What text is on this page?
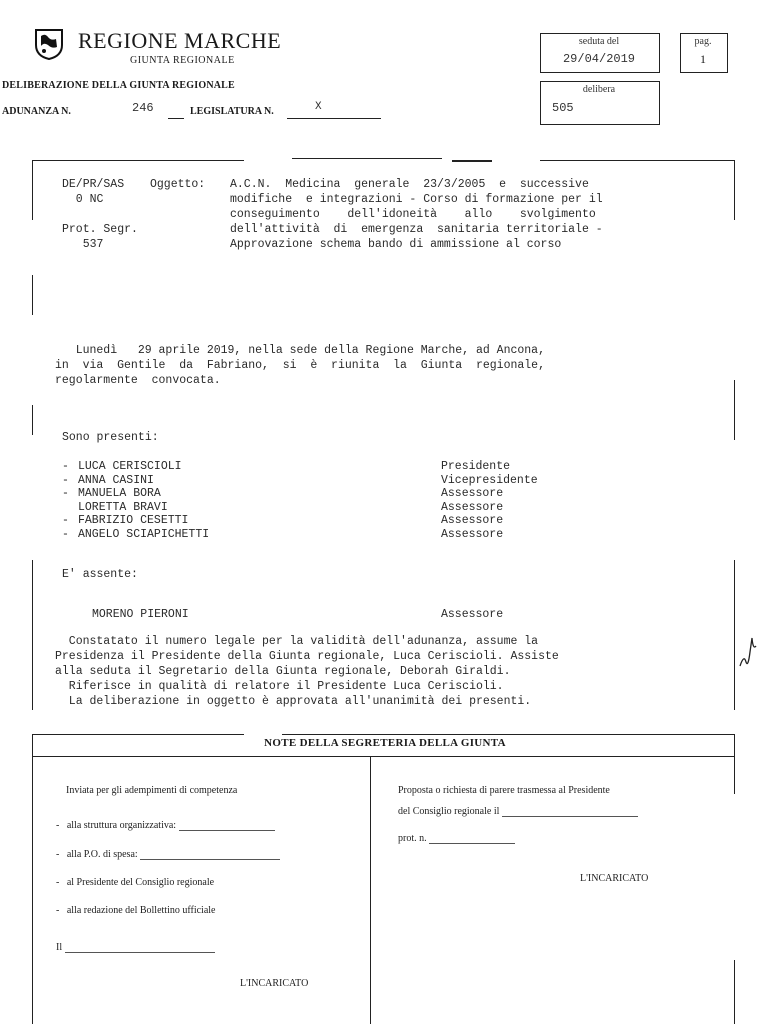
REGIONE MARCHE
GIUNTA REGIONALE
DELIBERAZIONE DELLA GIUNTA REGIONALE
ADUNANZA N.	246	LEGISLATURA N.	X
seduta del
29/04/2019
pag.
1
delibera
505
DE/PR/SAS
0 NC

Prot. Segr.
537
Oggetto: A.C.N.  Medicina  generale  23/3/2005  e  successive
modifiche  e integrazioni - Corso di formazione per il
conseguimento    dell'idoneità    allo    svolgimento
dell'attività  di  emergenza  sanitaria territoriale -
Approvazione schema bando di ammissione al corso
Lunedì   29 aprile 2019, nella sede della Regione Marche, ad Ancona,
in  via  Gentile  da  Fabriano,  si  è  riunita  la  Giunta  regionale,
regolarmente  convocata.
Sono presenti:
- LUCA CERISCIOLI	Presidente
- ANNA CASINI	Vicepresidente
- MANUELA BORA	Assessore

LORETTA BRAVI	Assessore
- FABRIZIO CESETTI	Assessore
- ANGELO SCIAPICHETTI	Assessore
E' assente:
MORENO PIERONI	Assessore
Constatato il numero legale per la validità dell'adunanza, assume la
Presidenza il Presidente della Giunta regionale, Luca Ceriscioli. Assiste
alla seduta il Segretario della Giunta regionale, Deborah Giraldi.
Riferisce in qualità di relatore il Presidente Luca Ceriscioli.
La deliberazione in oggetto è approvata all'unanimità dei presenti.
NOTE DELLA SEGRETERIA DELLA GIUNTA
Inviata per gli adempimenti di competenza
-   alla struttura organizzativa:
-   alla P.O. di spesa:
-   al Presidente del Consiglio regionale
-   alla redazione del Bollettino ufficiale
Il
L'INCARICATO
Proposta o richiesta di parere trasmessa al Presidente
del Consiglio regionale il
prot. n.
L'INCARICATO
